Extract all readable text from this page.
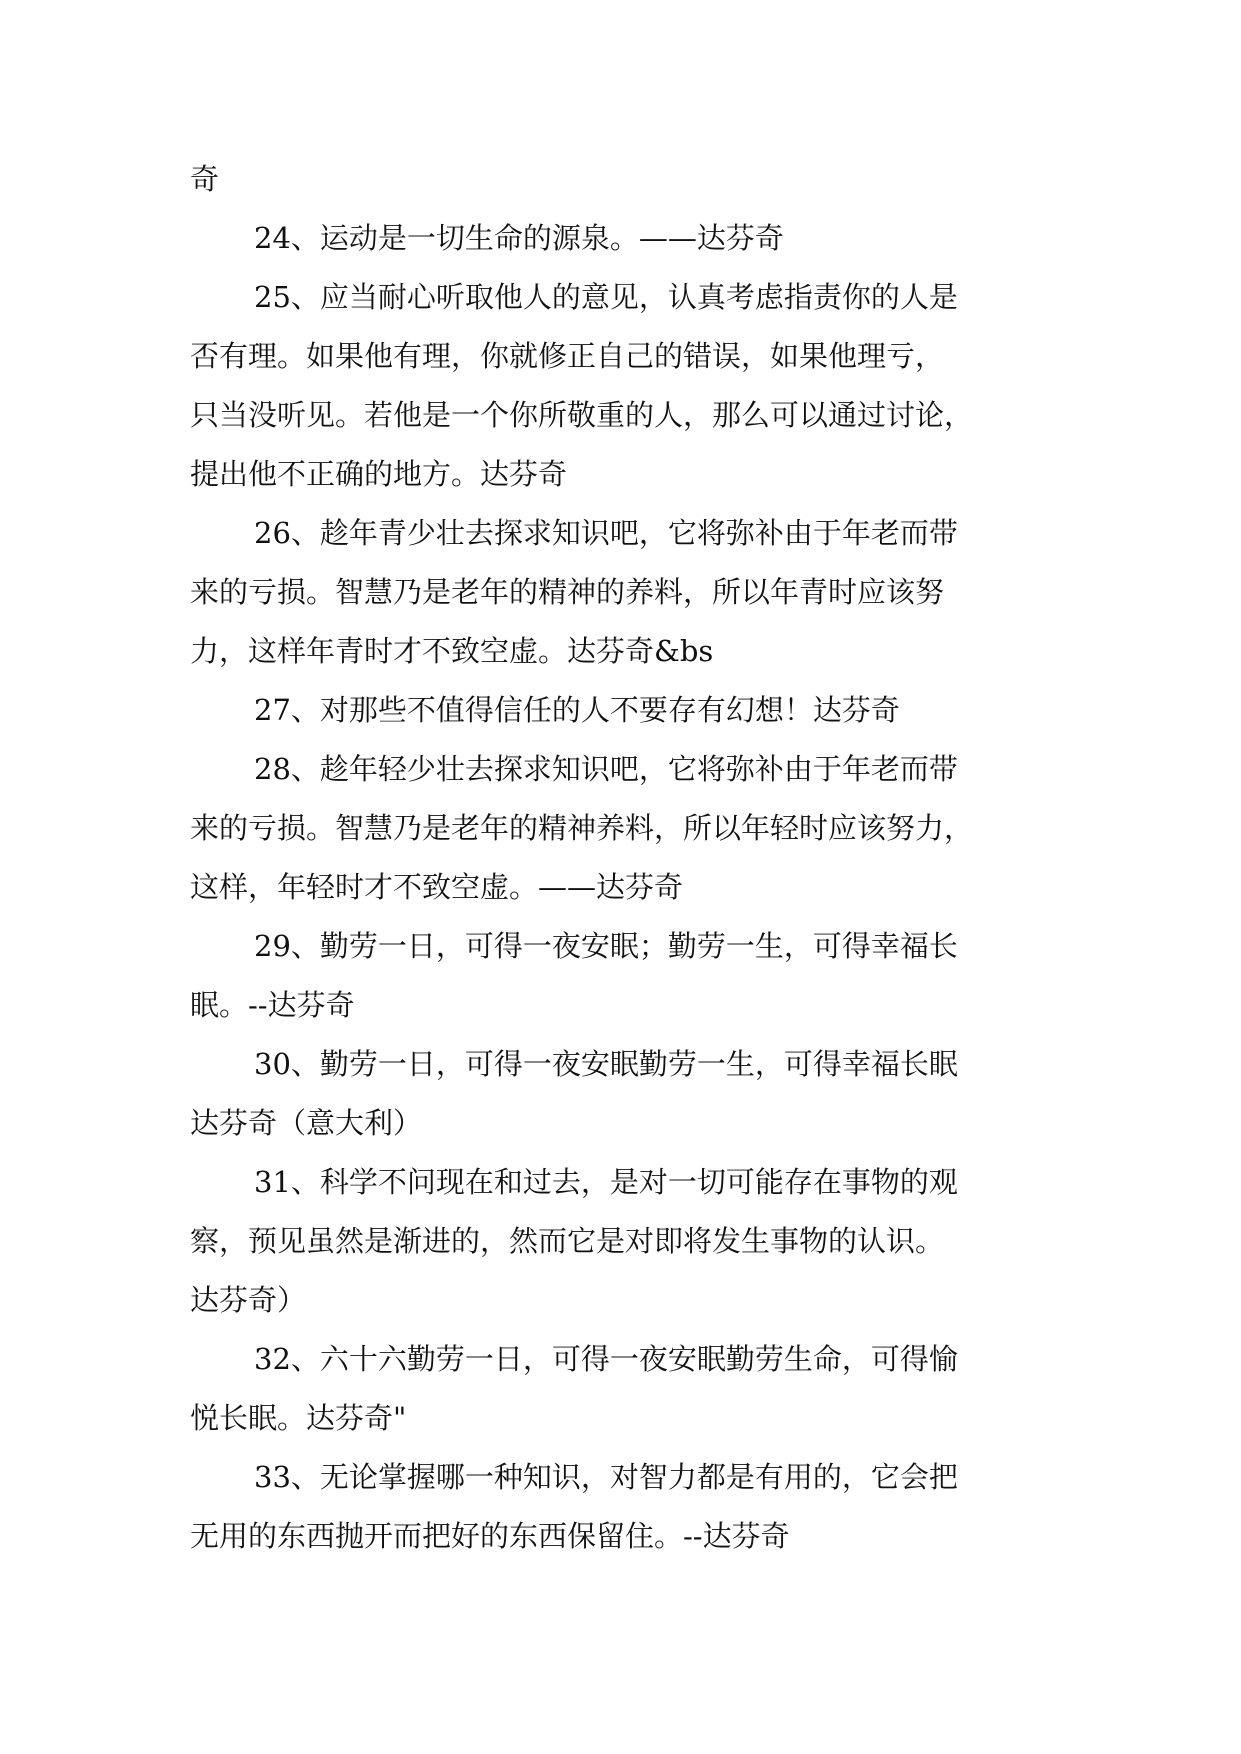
奇
24、运动是一切生命的源泉。——达芬奇
25、应当耐心听取他人的意见，认真考虑指责你的人是
否有理。如果他有理，你就修正自己的错误，如果他理亏，
只当没听见。若他是一个你所敬重的人，那么可以通过讨论，
提出他不正确的地方。达芬奇
26、趁年青少壮去探求知识吧，它将弥补由于年老而带
来的亏损。智慧乃是老年的精神的养料，所以年青时应该努
力，这样年青时才不致空虚。达芬奇&bs
27、对那些不值得信任的人不要存有幻想！达芬奇
28、趁年轻少壮去探求知识吧，它将弥补由于年老而带
来的亏损。智慧乃是老年的精神养料，所以年轻时应该努力，
这样，年轻时才不致空虚。——达芬奇
29、勤劳一日，可得一夜安眠；勤劳一生，可得幸福长
眠。--达芬奇
30、勤劳一日，可得一夜安眠勤劳一生，可得幸福长眠
达芬奇（意大利）
31、科学不问现在和过去，是对一切可能存在事物的观
察，预见虽然是渐进的，然而它是对即将发生事物的认识。
达芬奇）
32、六十六勤劳一日，可得一夜安眠勤劳生命，可得愉
悦长眠。达芬奇"
33、无论掌握哪一种知识，对智力都是有用的，它会把
无用的东西抛开而把好的东西保留住。--达芬奇
